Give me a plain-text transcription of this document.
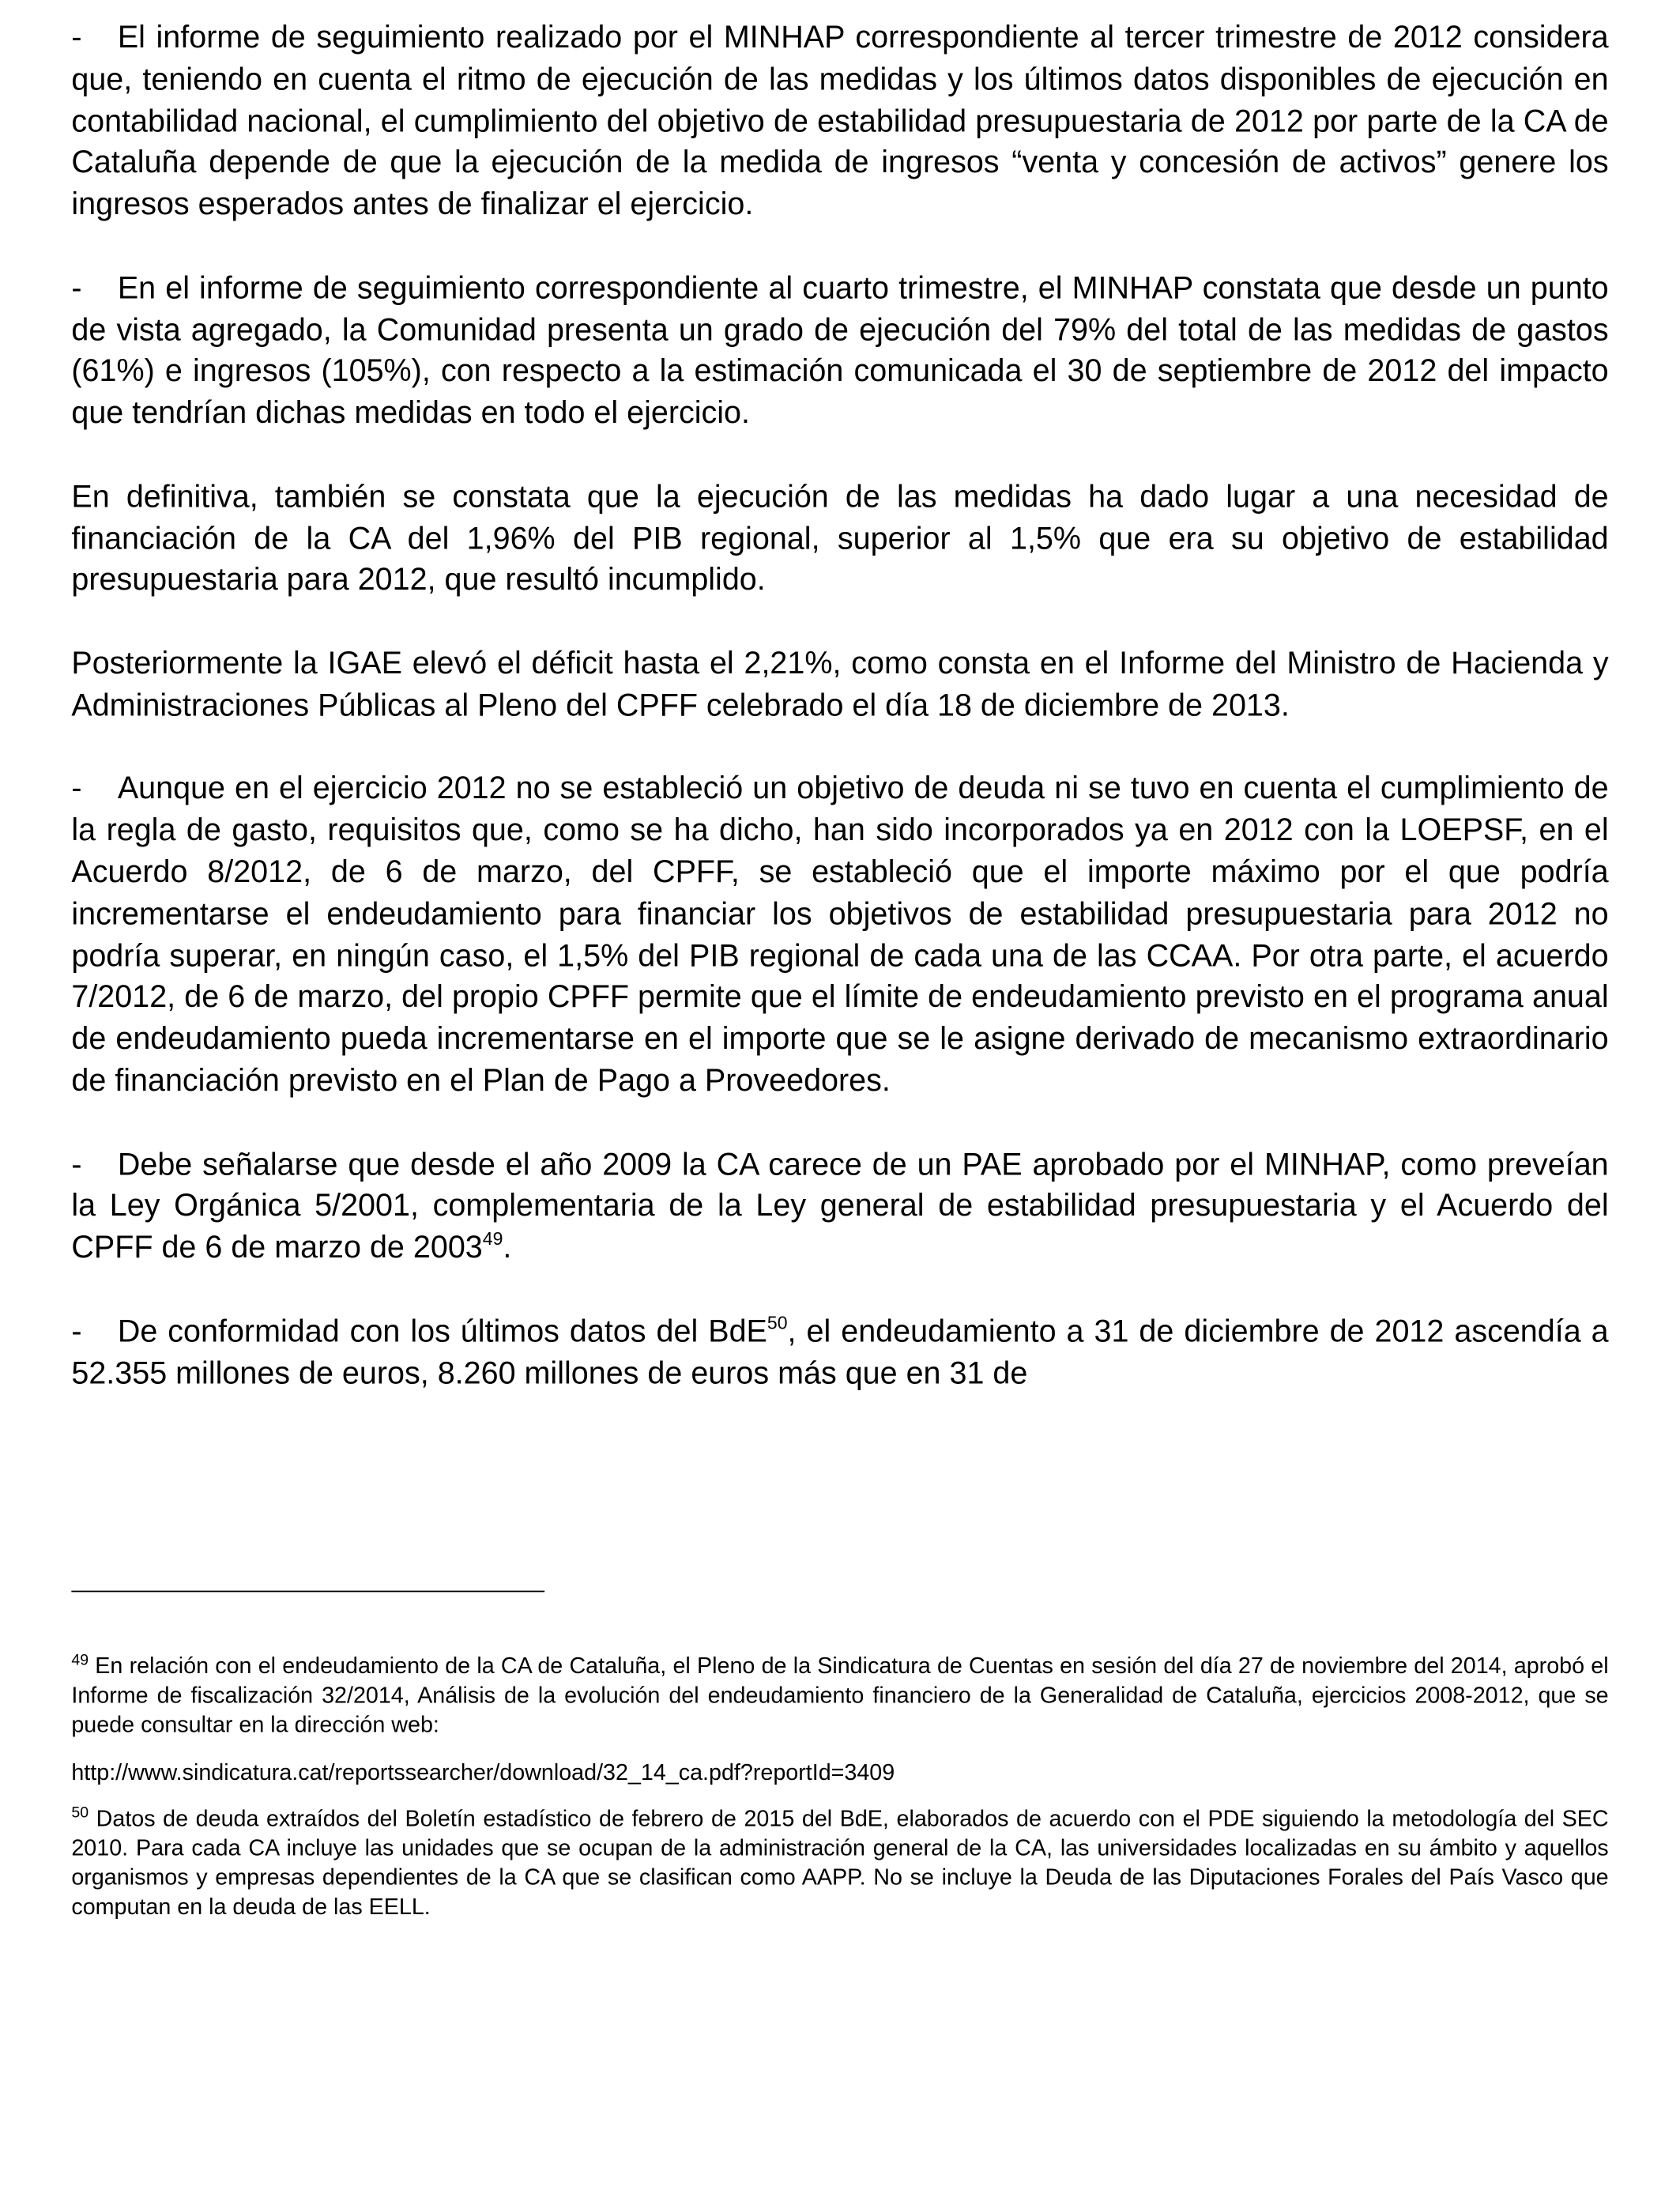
- El informe de seguimiento realizado por el MINHAP correspondiente al tercer trimestre de 2012 considera que, teniendo en cuenta el ritmo de ejecución de las medidas y los últimos datos disponibles de ejecución en contabilidad nacional, el cumplimiento del objetivo de estabilidad presupuestaria de 2012 por parte de la CA de Cataluña depende de que la ejecución de la medida de ingresos “venta y concesión de activos” genere los ingresos esperados antes de finalizar el ejercicio.

- En el informe de seguimiento correspondiente al cuarto trimestre, el MINHAP constata que desde un punto de vista agregado, la Comunidad presenta un grado de ejecución del 79% del total de las medidas de gastos (61%) e ingresos (105%), con respecto a la estimación comunicada el 30 de septiembre de 2012 del impacto que tendrían dichas medidas en todo el ejercicio.

En definitiva, también se constata que la ejecución de las medidas ha dado lugar a una necesidad de financiación de la CA del 1,96% del PIB regional, superior al 1,5% que era su objetivo de estabilidad presupuestaria para 2012, que resultó incumplido.

Posteriormente la IGAE elevó el déficit hasta el 2,21%, como consta en el Informe del Ministro de Hacienda y Administraciones Públicas al Pleno del CPFF celebrado el día 18 de diciembre de 2013.

- Aunque en el ejercicio 2012 no se estableció un objetivo de deuda ni se tuvo en cuenta el cumplimiento de la regla de gasto, requisitos que, como se ha dicho, han sido incorporados ya en 2012 con la LOEPSF, en el Acuerdo 8/2012, de 6 de marzo, del CPFF, se estableció que el importe máximo por el que podría incrementarse el endeudamiento para financiar los objetivos de estabilidad presupuestaria para 2012 no podría superar, en ningún caso, el 1,5% del PIB regional de cada una de las CCAA. Por otra parte, el acuerdo 7/2012, de 6 de marzo, del propio CPFF permite que el límite de endeudamiento previsto en el programa anual de endeudamiento pueda incrementarse en el importe que se le asigne derivado de mecanismo extraordinario de financiación previsto en el Plan de Pago a Proveedores.

- Debe señalarse que desde el año 2009 la CA carece de un PAE aprobado por el MINHAP, como preveían la Ley Orgánica 5/2001, complementaria de la Ley general de estabilidad presupuestaria y el Acuerdo del CPFF de 6 de marzo de 2003$^{49}$.

- De conformidad con los últimos datos del BdE$^{50}$, el endeudamiento a 31 de diciembre de 2012 ascendía a 52.355 millones de euros, 8.260 millones de euros más que en 31 de

$^{49}$ En relación con el endeudamiento de la CA de Cataluña, el Pleno de la Sindicatura de Cuentas en sesión del día 27 de noviembre del 2014, aprobó el Informe de fiscalización 32/2014, Análisis de la evolución del endeudamiento financiero de la Generalidad de Cataluña, ejercicios 2008-2012, que se puede consultar en la dirección web:

http://www.sindicatura.cat/reportssearcher/download/32_14_ca.pdf?reportId=3409

$^{50}$ Datos de deuda extraídos del Boletín estadístico de febrero de 2015 del BdE, elaborados de acuerdo con el PDE siguiendo la metodología del SEC 2010. Para cada CA incluye las unidades que se ocupan de la administración general de la CA, las universidades localizadas en su ámbito y aquellos organismos y empresas dependientes de la CA que se clasifican como AAPP. No se incluye la Deuda de las Diputaciones Forales del País Vasco que computan en la deuda de las EELL.
